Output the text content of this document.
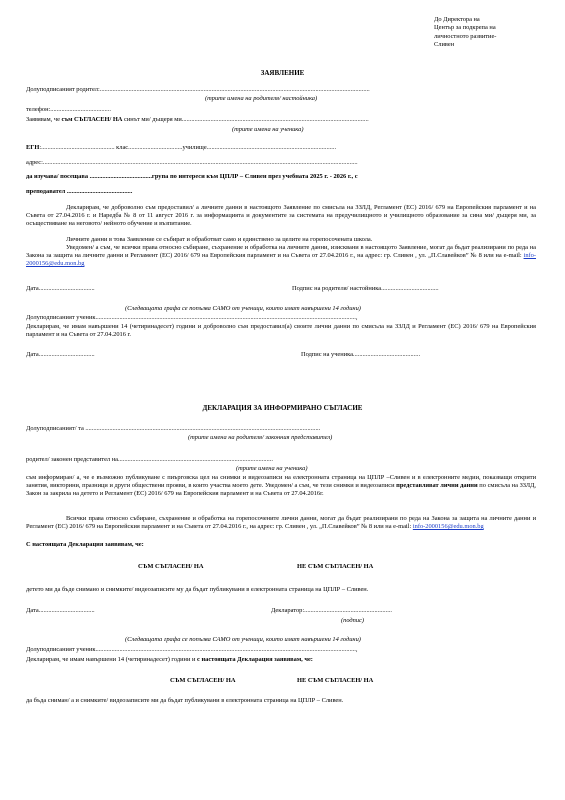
До Директора на
Център за подкрепа на
личностното развитие-
Сливен
ЗАЯВЛЕНИЕ
Долуподписаният родител:.........................................................................................................................................................................
(трите имена на родителя/ настойника)
телефон:......................................
Заявявам, че съм СЪГЛАСЕН/ НА синът ми/ дъщеря ми.....................................................................................................................
(трите имена на ученика)
ЕГН:.............................................. клас..................................училище.................................................................................
адрес:.....................................................................................................................................................................................................
да изучава/ посещава .......................................група по интереси към ЦПЛР – Сливен през учебната 2025 г. - 2026 г., с
преподавател .........................................
Декларирам, че доброволно съм предоставил/ а личните данни в настоящото Заявление по смисъла на ЗЗЛД, Регламент (ЕС) 2016/ 679 на Европейския парламент и на Съвета от 27.04.2016 г. и Наредба № 8 от 11 август 2016 г. за информацията и документите за системата на предучилищното и училищното образование за сина ми/ дъщеря ми, за осъществяване на неговото/ нейното обучение и възпитание.
Личните данни в това Заявление се събират и обработват само и единствено за целите на горепосочената школа.
Уведомен/ а съм, че всички права относно събиране, съхранение и обработка на личните данни, изисквани в настоящото Заявление, могат да бъдат реализирани по реда на Закона за защита на личните данни и Регламент (ЕС) 2016/ 679 на Европейския парламент и на Съвета от 27.04.2016 г., на адрес: гр. Сливен , ул. „П.Славейков” № 8 или на e-mail: info-2000156@edu.mon.bg
Дата...................................	Подпис на родителя/ настойника....................................
(Следващата графа се попълва САМО от ученици, които имат навършени 14 години)
Долуподписаният ученик...................................................................................................................................................................,
Декларирам, че имам навършени 14 (четиринадесет) години и доброволно съм предоставил(а) своите лични данни по смисъла на ЗЗЛД и Регламент (ЕС) 2016/ 679 на Европейския парламент и на Съвета от 27.04.2016 г.
Дата...................................	Подпис на ученика..........................................
ДЕКЛАРАЦИЯ ЗА ИНФОРМИРАНО СЪГЛАСИЕ
Долуподписаният/ та ...................................................................................................................................................
(трите имена на родителя/ законния представител)
родител/ законен представител на.................................................................................................
(трите имена на ученика)
съм информиран/ а, че е възможно публикуване с пиърговска цел на снимки и видеозаписи на електронната страница на ЦПЛР –Сливен и в електронните медии, показващи открити занятия, викторини, празници и други обществени прояви, в които участва моето дете. Уведомен/ а съм, че тези снимки и видеозаписи представляват лични данни по смисъла на ЗЗЛД, Закон за закрила на детето и Регламент (ЕС) 2016/ 679 на Европейския парламент и на Съвета от 27.04.2016г.
Всички права относно събиране, съхранение и обработка на горепосочените лични данни, могат да бъдат реализирани по реда на Закона за защита на личните данни и Регламент (ЕС) 2016/ 679 на Европейския парламент и на Съвета от 27.04.2016 г., на адрес: гр. Сливен , ул. „П.Славейков” № 8 или на e-mail: info-2000156@edu.mon.bg
С настоящата Декларация заявявам, че:
СЪМ СЪГЛАСЕН/ НА	НЕ СЪМ СЪГЛАСЕН/ НА
детето ми да бъде снимано и снимките/ видеозаписите му да бъдат публикувани в електронната страница на ЦПЛР – Сливен.
Дата...................................	Декларатор:.......................................................
(подпис)
(Следващата графа се попълва САМО от ученици, които имат навършени 14 години)
Долуподписаният ученик...................................................................................................................................................................,
Декларирам, че имам навършени 14 (четиринадесет) години и с настоящата Декларация заявявам, че:
СЪМ СЪГЛАСЕН/ НА	НЕ СЪМ СЪГЛАСЕН/ НА
да бъда сниман/ а и снимките/ видеозаписите ми да бъдат публикувани в електронната страница на ЦПЛР – Сливен.
